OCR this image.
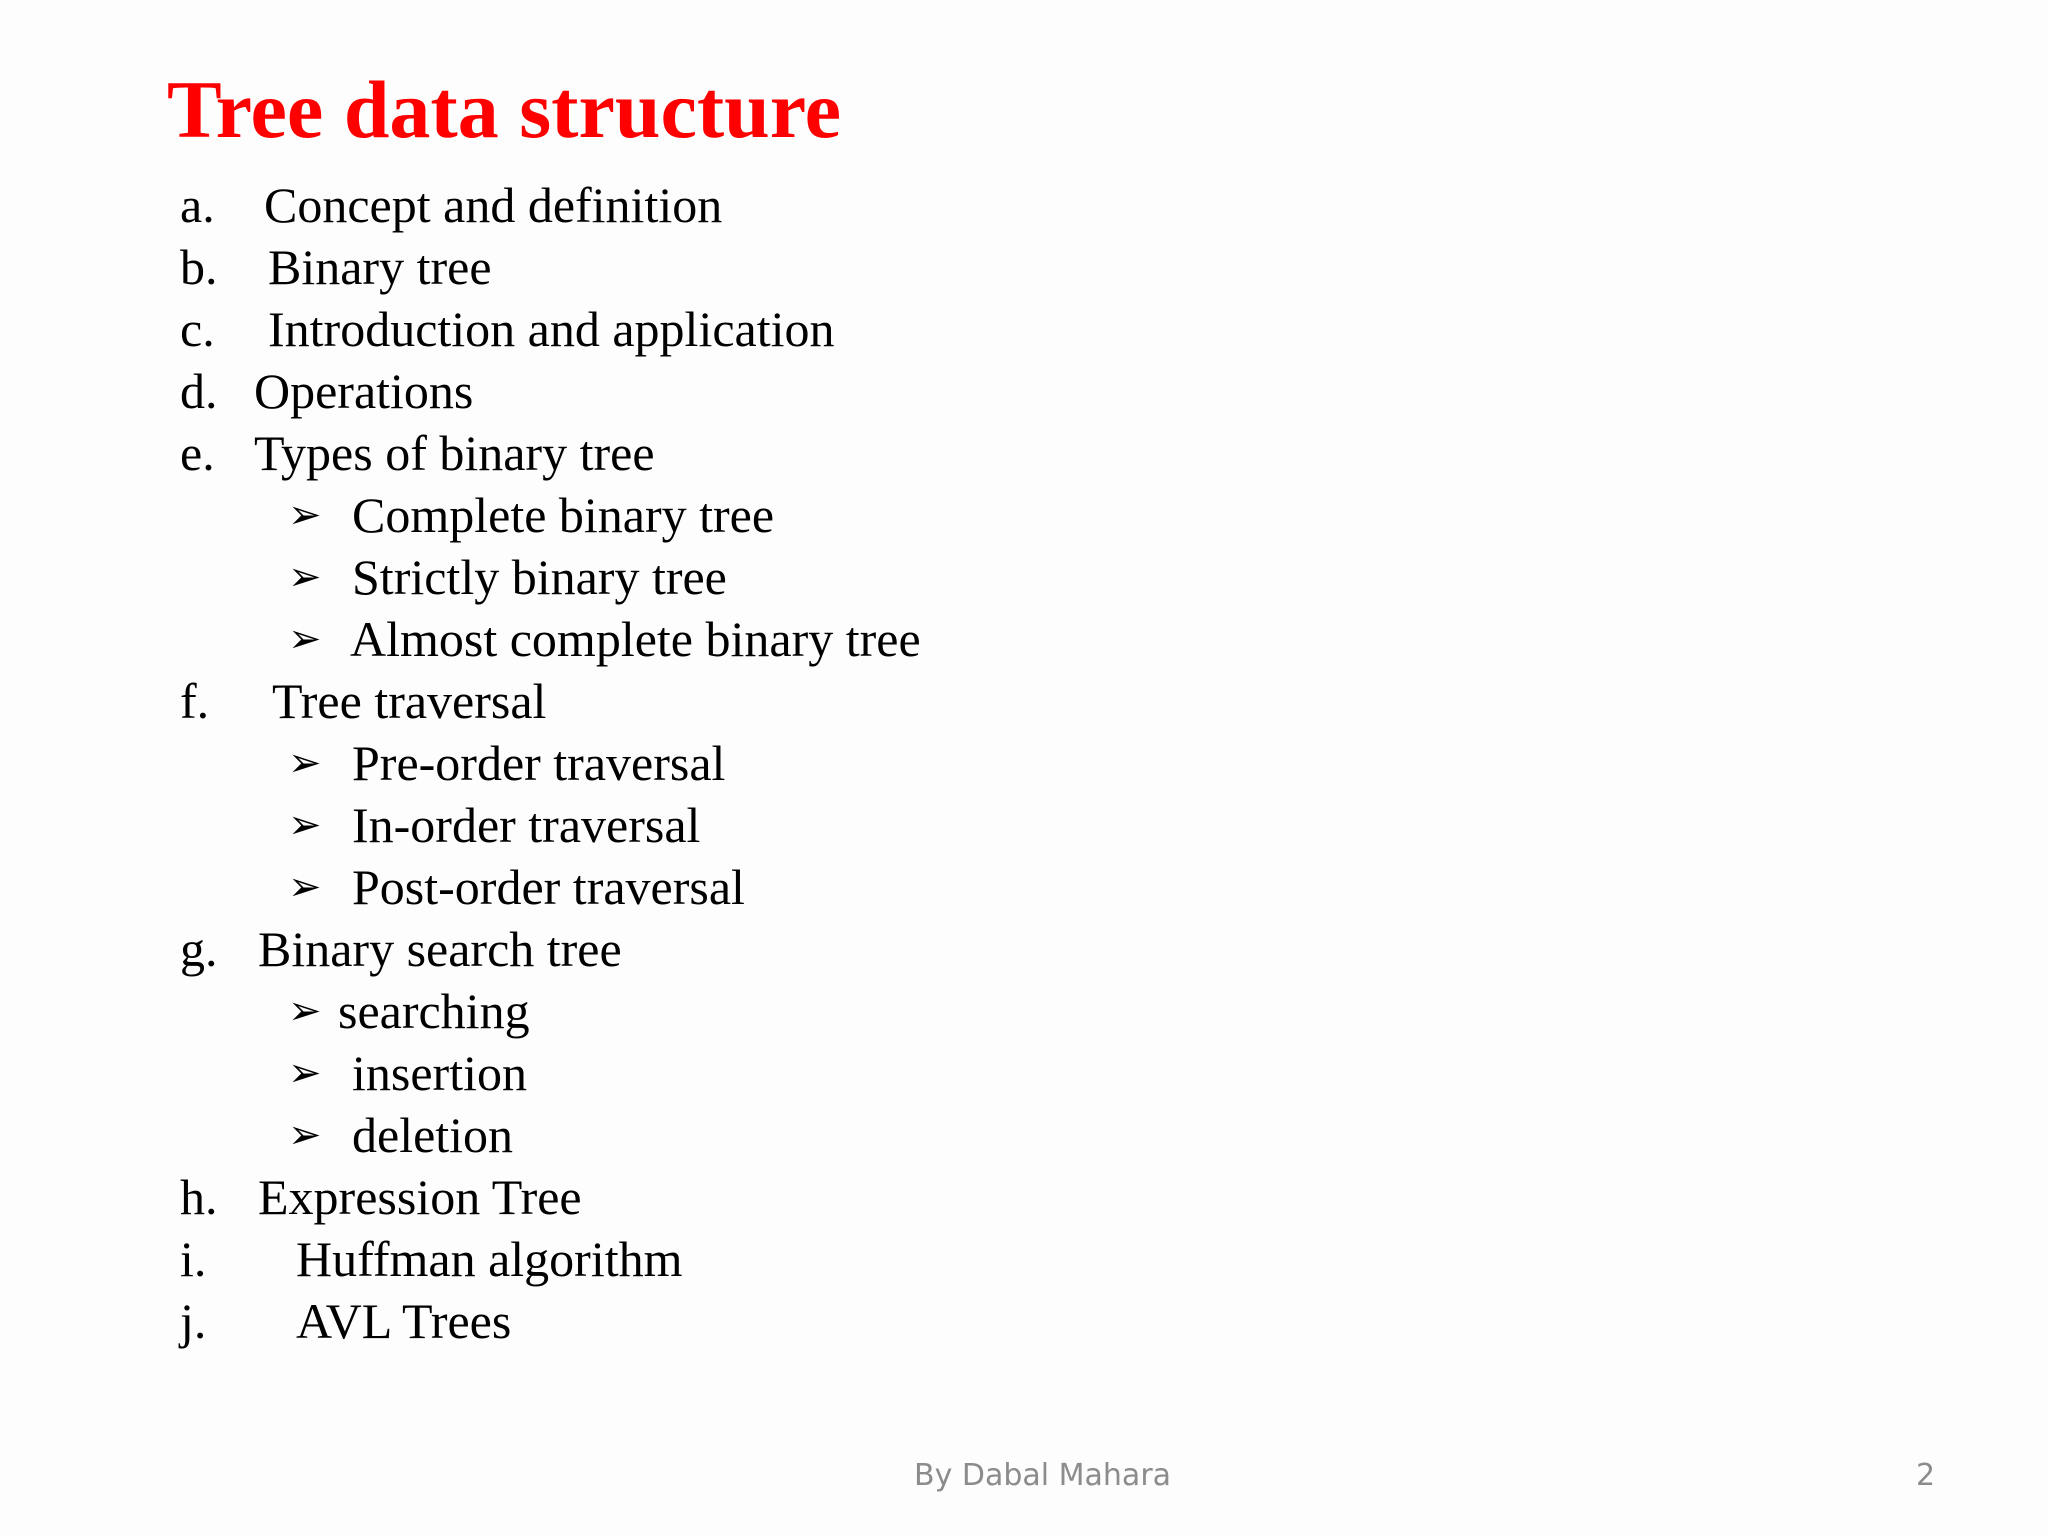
Tree data structure
a. Concept and definition
b. Binary tree
c. Introduction and application
d. Operations
e. Types of binary tree
➢ Complete binary tree
➢ Strictly binary tree
➢ Almost complete binary tree
f. Tree traversal
➢ Pre-order traversal
➢ In-order traversal
➢ Post-order traversal
g. Binary search tree
➢ searching
➢ insertion
➢ deletion
h. Expression Tree
i. Huffman algorithm
j. AVL Trees
By Dabal Mahara	2
